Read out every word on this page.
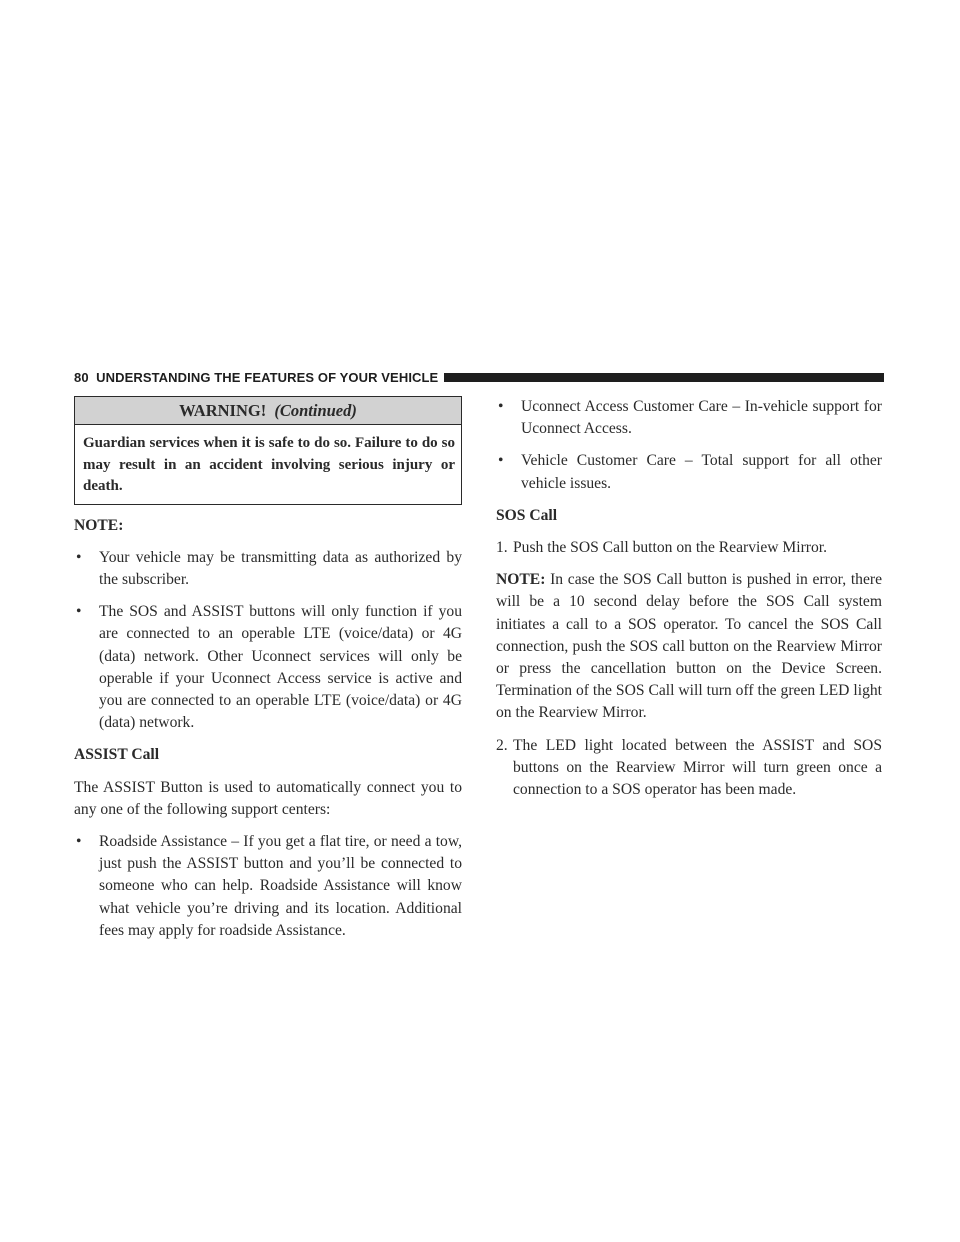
80 UNDERSTANDING THE FEATURES OF YOUR VEHICLE
WARNING! (Continued)
Guardian services when it is safe to do so. Failure to do so may result in an accident involving serious injury or death.
NOTE:
• Your vehicle may be transmitting data as authorized by the subscriber.
• The SOS and ASSIST buttons will only function if you are connected to an operable LTE (voice/data) or 4G (data) network. Other Uconnect services will only be operable if your Uconnect Access service is active and you are connected to an operable LTE (voice/data) or 4G (data) network.
ASSIST Call

The ASSIST Button is used to automatically connect you to any one of the following support centers:

• Roadside Assistance – If you get a flat tire, or need a tow, just push the ASSIST button and you’ll be connected to someone who can help. Roadside Assistance will know what vehicle you’re driving and its location. Additional fees may apply for roadside Assistance.
• Uconnect Access Customer Care – In-vehicle support for Uconnect Access.
• Vehicle Customer Care – Total support for all other vehicle issues.
SOS Call
1. Push the SOS Call button on the Rearview Mirror.

NOTE: In case the SOS Call button is pushed in error, there will be a 10 second delay before the SOS Call system initiates a call to a SOS operator. To cancel the SOS Call connection, push the SOS call button on the Rearview Mirror or press the cancellation button on the Device Screen. Termination of the SOS Call will turn off the green LED light on the Rearview Mirror.

2. The LED light located between the ASSIST and SOS buttons on the Rearview Mirror will turn green once a connection to a SOS operator has been made.
